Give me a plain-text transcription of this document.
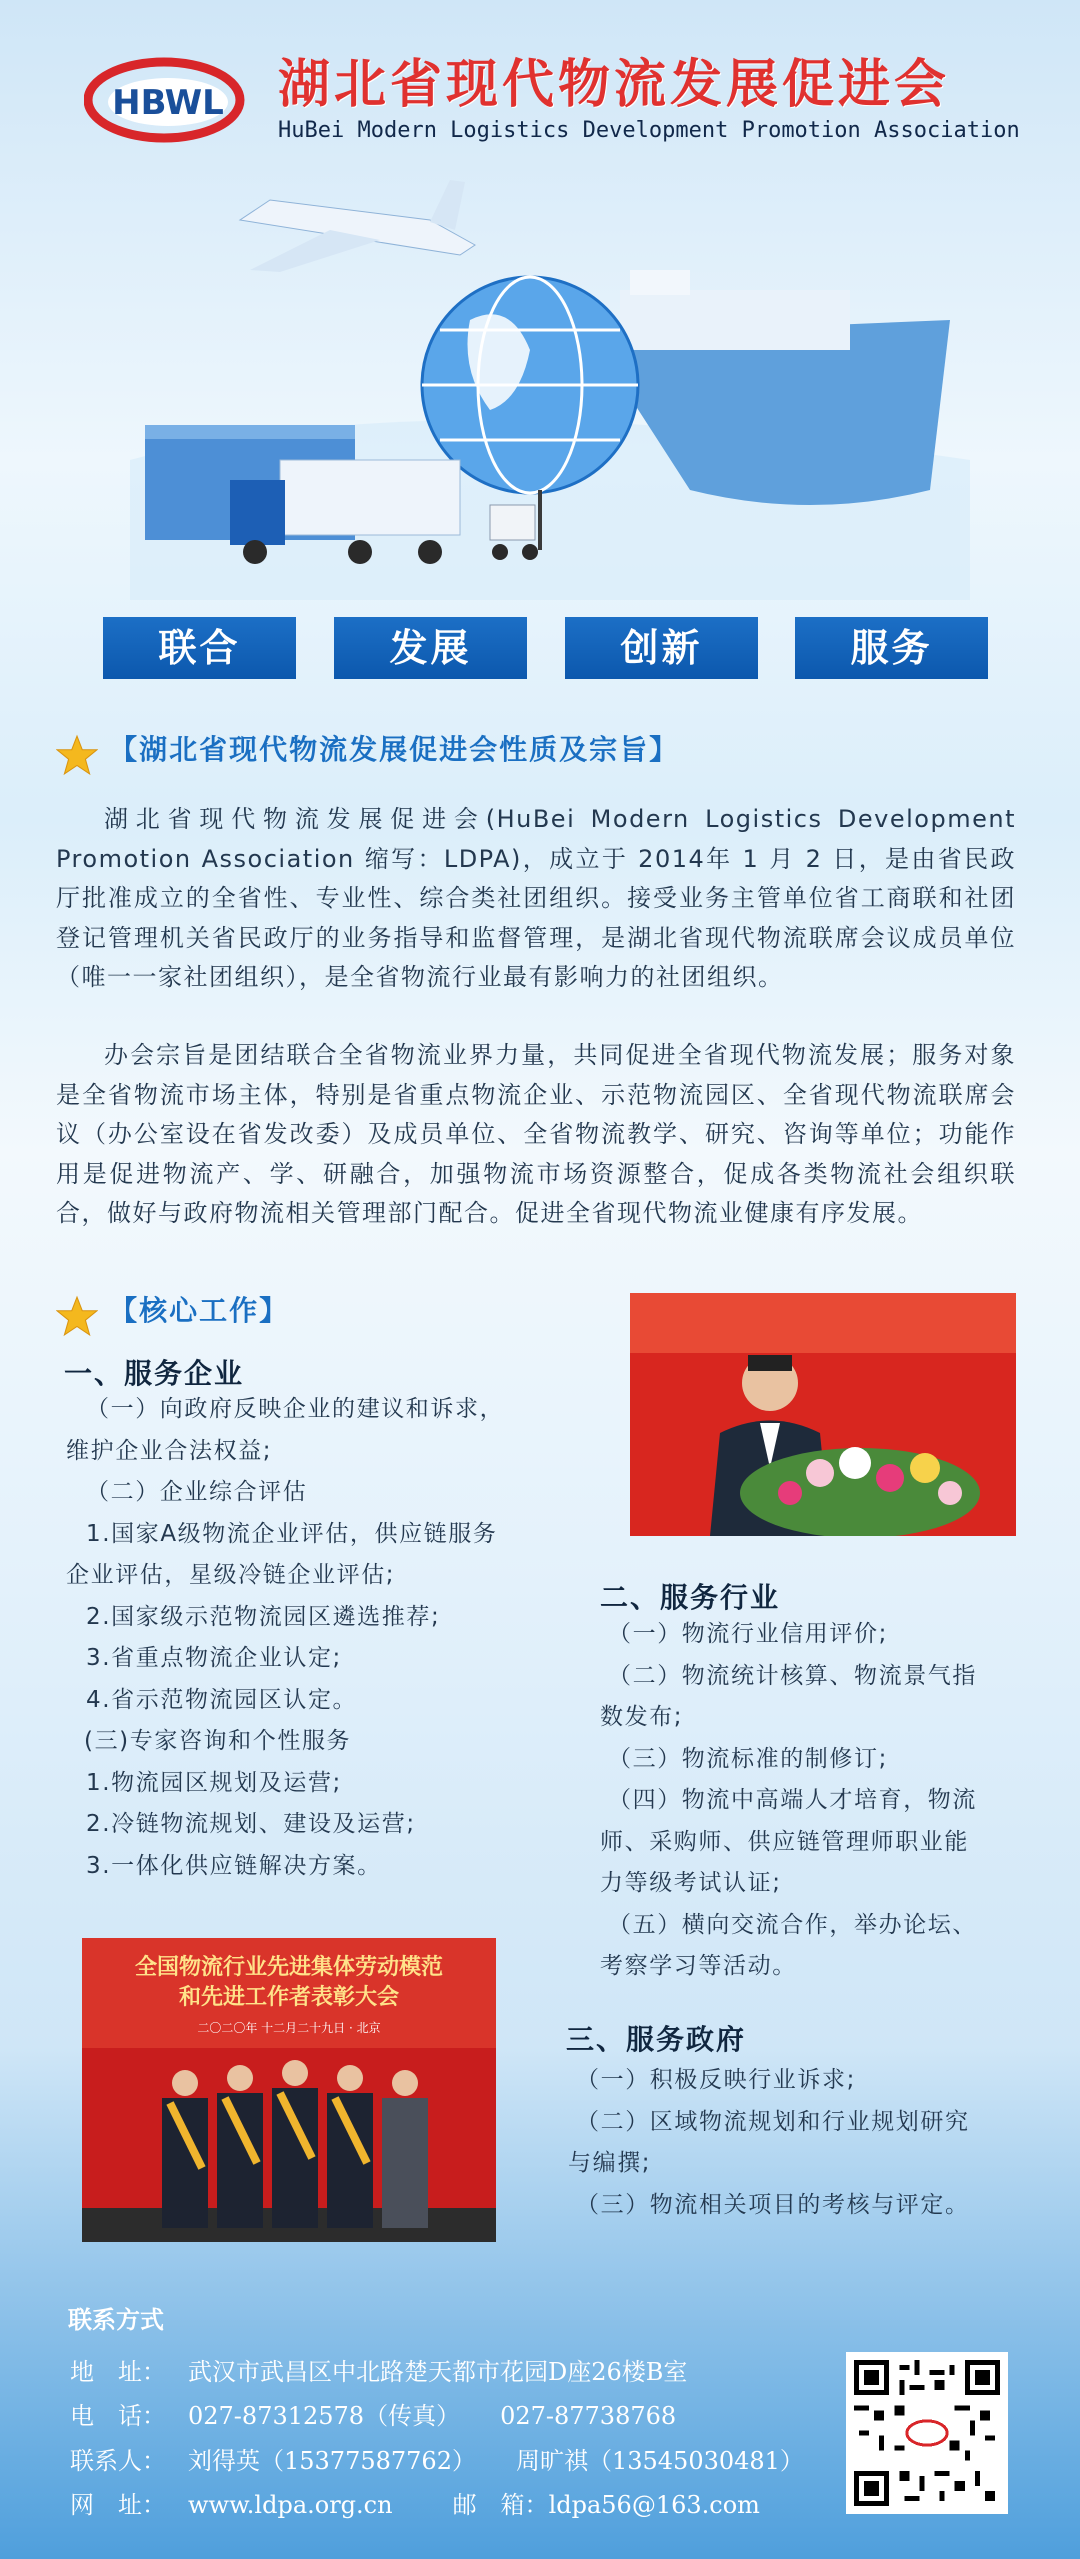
HBWL 湖北省现代物流发展促进会
HuBei Modern Logistics Development Promotion Association
联合	发展	创新	服务
【湖北省现代物流发展促进会性质及宗旨】
湖北省现代物流发展促进会(HuBei Modern Logistics Development Promotion Association 缩写：LDPA)，成立于 2014年 1 月 2 日，是由省民政厅批准成立的全省性、专业性、综合类社团组织。接受业务主管单位省工商联和社团登记管理机关省民政厅的业务指导和监督管理，是湖北省现代物流联席会议成员单位（唯一一家社团组织），是全省物流行业最有影响力的社团组织。
办会宗旨是团结联合全省物流业界力量，共同促进全省现代物流发展；服务对象是全省物流市场主体，特别是省重点物流企业、示范物流园区、全省现代物流联席会议（办公室设在省发改委）及成员单位、全省物流教学、研究、咨询等单位；功能作用是促进物流产、学、研融合，加强物流市场资源整合，促成各类物流社会组织联合，做好与政府物流相关管理部门配合。促进全省现代物流业健康有序发展。
【核心工作】
一、服务企业
（一）向政府反映企业的建议和诉求，
维护企业合法权益;
（二）企业综合评估
1.国家A级物流企业评估，供应链服务
企业评估，星级冷链企业评估;
2.国家级示范物流园区遴选推荐;
3.省重点物流企业认定;
4.省示范物流园区认定。
(三)专家咨询和个性服务
1.物流园区规划及运营;
2.冷链物流规划、建设及运营;
3.一体化供应链解决方案。
二、服务行业
（一）物流行业信用评价;
（二）物流统计核算、物流景气指
数发布;
（三）物流标准的制修订;
（四）物流中高端人才培育，物流
师、采购师、供应链管理师职业能
力等级考试认证;
（五）横向交流合作，举办论坛、
考察学习等活动。
全国物流行业先进集体劳动模范
和先进工作者表彰大会
二〇二〇年 十二月二十九日 · 北京	三、服务政府
（一）积极反映行业诉求;
（二）区域物流规划和行业规划研究
与编撰;
（三）物流相关项目的考核与评定。
联系方式
地　址： 武汉市武昌区中北路楚天都市花园D座26楼B室
电　话： 027-87312578（传真） 027-87738768
联系人： 刘得英（15377587762） 周旷祺（13545030481）
网　址： www.ldpa.org.cn	邮　箱：ldpa56@163.com
